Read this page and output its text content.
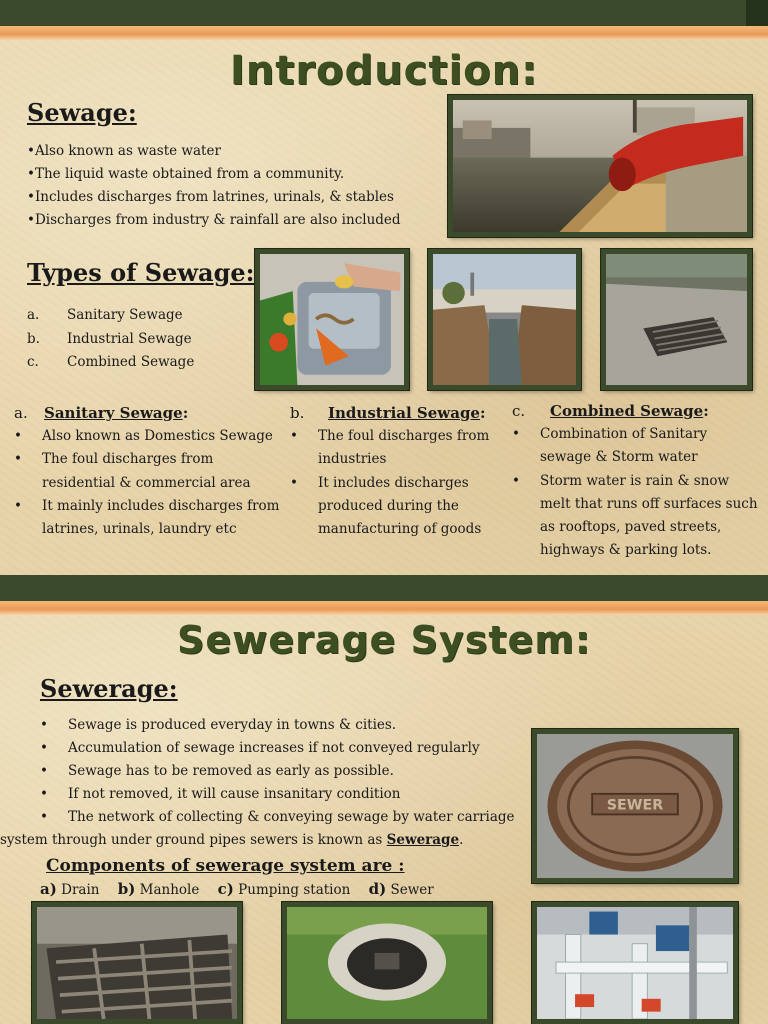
Introduction:
Sewage:
• Also known as waste water
• The liquid waste obtained from a community.
• Includes discharges from latrines, urinals, & stables
• Discharges from industry & rainfall are also included
Types of Sewage:
a. Sanitary Sewage
b. Industrial Sewage
c. Combined Sewage
a. Sanitary Sewage:
• Also known as Domestics Sewage
• The foul discharges from residential & commercial area
• It mainly includes discharges from latrines, urinals, laundry etc
b. Industrial Sewage:
• The foul discharges from industries
• It includes discharges produced during the manufacturing of goods
c. Combined Sewage:
• Combination of Sanitary sewage & Storm water
• Storm water is rain & snow melt that runs off surfaces such as rooftops, paved streets, highways & parking lots.
Sewerage System:
Sewerage:
• Sewage is produced everyday in towns & cities.
• Accumulation of sewage increases if not conveyed regularly
• Sewage has to be removed as early as possible.
• If not removed, it will cause insanitary condition
• The network of collecting & conveying sewage by water carriage
system through under ground pipes sewers is known as Sewerage.
Components of sewerage system are :
a) Drain b) Manhole c) Pumping station d) Sewer
SEWER
